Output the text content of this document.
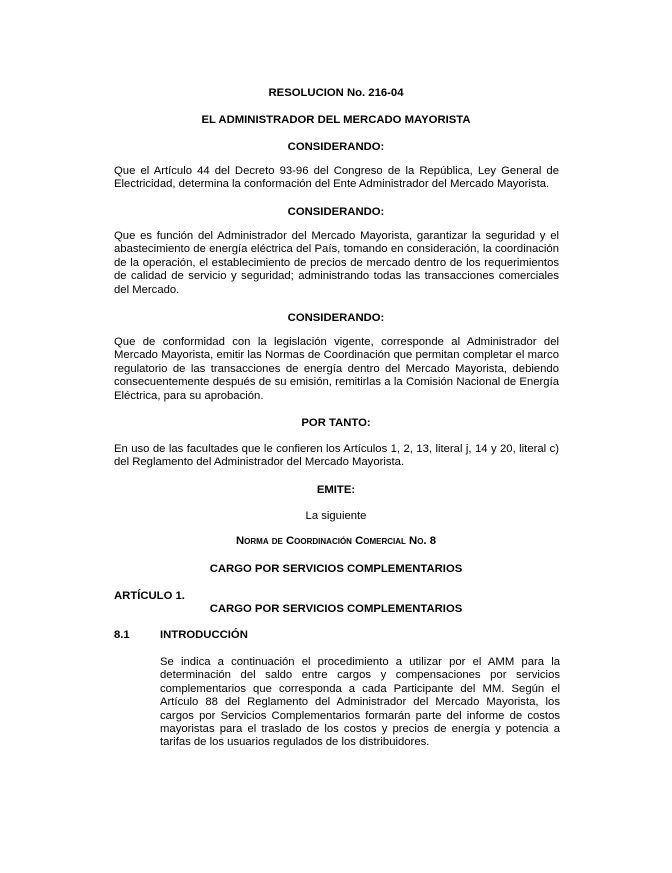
RESOLUCION No. 216-04
EL ADMINISTRADOR DEL MERCADO MAYORISTA
CONSIDERANDO:

Que el Artículo 44 del Decreto 93-96 del Congreso de la República, Ley General de Electricidad, determina la conformación del Ente Administrador del Mercado Mayorista.

CONSIDERANDO:

Que es función del Administrador del Mercado Mayorista, garantizar la seguridad y el abastecimiento de energía eléctrica del País, tomando en consideración, la coordinación de la operación, el establecimiento de precios de mercado dentro de los requerimientos de calidad de servicio y seguridad; administrando todas las transacciones comerciales del Mercado.

CONSIDERANDO:

Que de conformidad con la legislación vigente, corresponde al Administrador del Mercado Mayorista, emitir las Normas de Coordinación que permitan completar el marco regulatorio de las transacciones de energía dentro del Mercado Mayorista, debiendo consecuentemente después de su emisión, remitirlas a la Comisión Nacional de Energía Eléctrica, para su aprobación.

POR TANTO:

En uso de las facultades que le confieren los Artículos 1, 2, 13, literal j, 14 y 20, literal c) del Reglamento del Administrador del Mercado Mayorista.

EMITE:
La siguiente
Norma de Coordinación Comercial No. 8
CARGO POR SERVICIOS COMPLEMENTARIOS
ARTÍCULO 1.
CARGO POR SERVICIOS COMPLEMENTARIOS
8.1	INTRODUCCIÓN

Se indica a continuación el procedimiento a utilizar por el AMM para la determinación del saldo entre cargos y compensaciones por servicios complementarios que corresponda a cada Participante del MM. Según el Artículo 88 del Reglamento del Administrador del Mercado Mayorista, los cargos por Servicios Complementarios formarán parte del informe de costos mayoristas para el traslado de los costos y precios de energía y potencia a tarifas de los usuarios regulados de los distribuidores.
